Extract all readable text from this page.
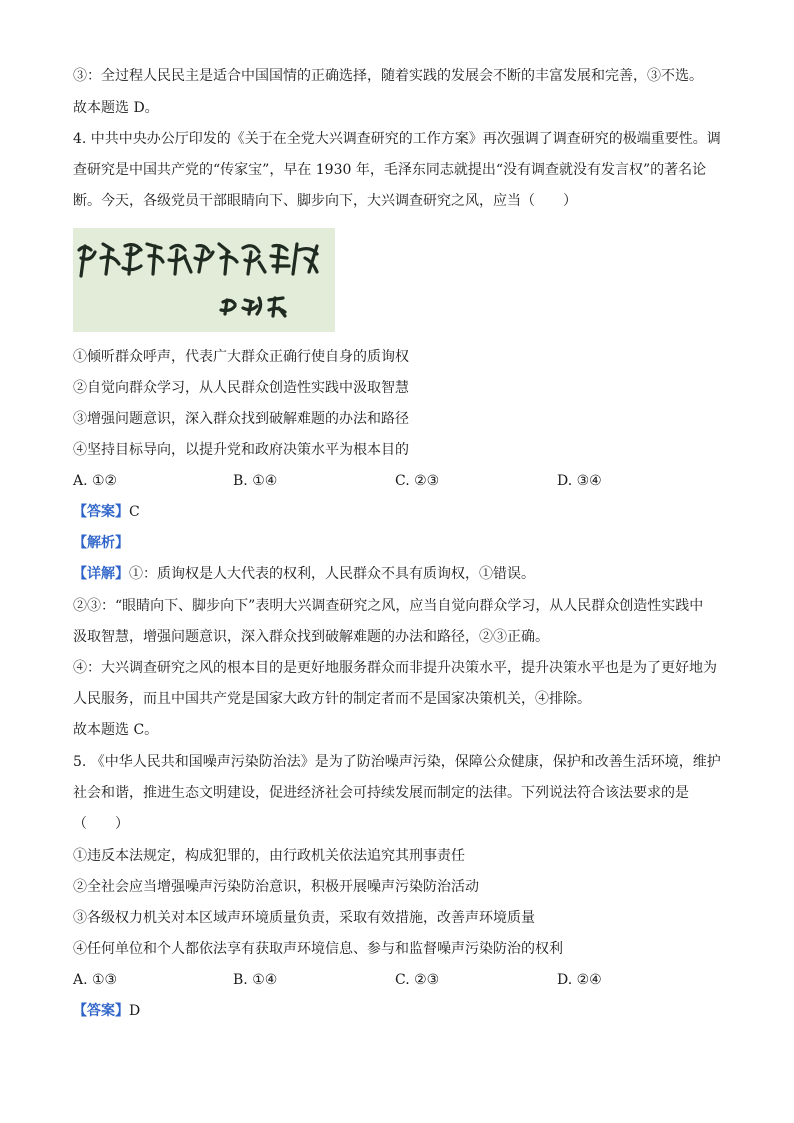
③：全过程人民民主是适合中国国情的正确选择，随着实践的发展会不断的丰富发展和完善，③不选。
故本题选 D。
4. 中共中央办公厅印发的《关于在全党大兴调查研究的工作方案》再次强调了调查研究的极端重要性。调
查研究是中国共产党的“传家宝”，早在 1930 年，毛泽东同志就提出“没有调查就没有发言权”的著名论
断。今天，各级党员干部眼睛向下、脚步向下，大兴调查研究之风，应当（　　）
①倾听群众呼声，代表广大群众正确行使自身的质询权
②自觉向群众学习，从人民群众创造性实践中汲取智慧
③增强问题意识，深入群众找到破解难题的办法和路径
④坚持目标导向，以提升党和政府决策水平为根本目的
A. ①②	B. ①④	C. ②③	D. ③④
【答案】C
【解析】
【详解】①：质询权是人大代表的权利，人民群众不具有质询权，①错误。
②③：“眼睛向下、脚步向下”表明大兴调查研究之风，应当自觉向群众学习，从人民群众创造性实践中
汲取智慧，增强问题意识，深入群众找到破解难题的办法和路径，②③正确。
④：大兴调查研究之风的根本目的是更好地服务群众而非提升决策水平，提升决策水平也是为了更好地为
人民服务，而且中国共产党是国家大政方针的制定者而不是国家决策机关，④排除。
故本题选 C。
5. 《中华人民共和国噪声污染防治法》是为了防治噪声污染，保障公众健康，保护和改善生活环境，维护
社会和谐，推进生态文明建设，促进经济社会可持续发展而制定的法律。下列说法符合该法要求的是
（　　）
①违反本法规定，构成犯罪的，由行政机关依法追究其刑事责任
②全社会应当增强噪声污染防治意识，积极开展噪声污染防治活动
③各级权力机关对本区域声环境质量负责，采取有效措施，改善声环境质量
④任何单位和个人都依法享有获取声环境信息、参与和监督噪声污染防治的权利
A. ①③	B. ①④	C. ②③	D. ②④
【答案】D
